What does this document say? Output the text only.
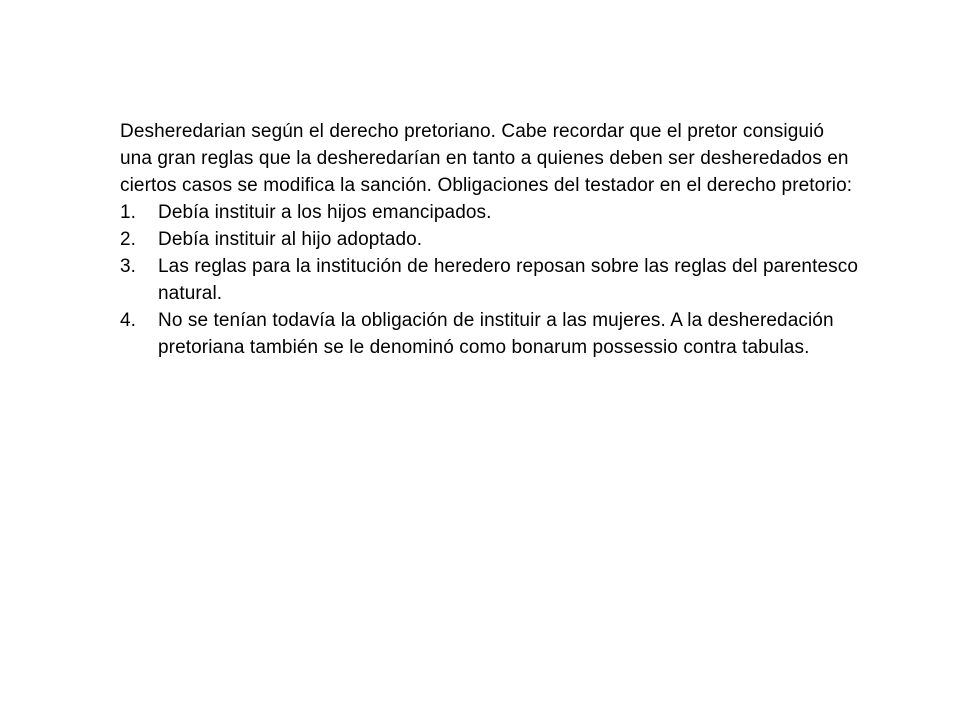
Desheredarian según el derecho pretoriano. Cabe recordar que el pretor consiguió una gran reglas que la desheredarían en tanto a quienes deben ser desheredados en ciertos casos se modifica la sanción. Obligaciones del testador en el derecho pretorio:

1. Debía instituir a los hijos emancipados.
2. Debía instituir al hijo adoptado.
3. Las reglas para la institución de heredero reposan sobre las reglas del parentesco natural.
4. No se tenían todavía la obligación de instituir a las mujeres. A la desheredación pretoriana también se le denominó como bonarum possessio contra tabulas.
